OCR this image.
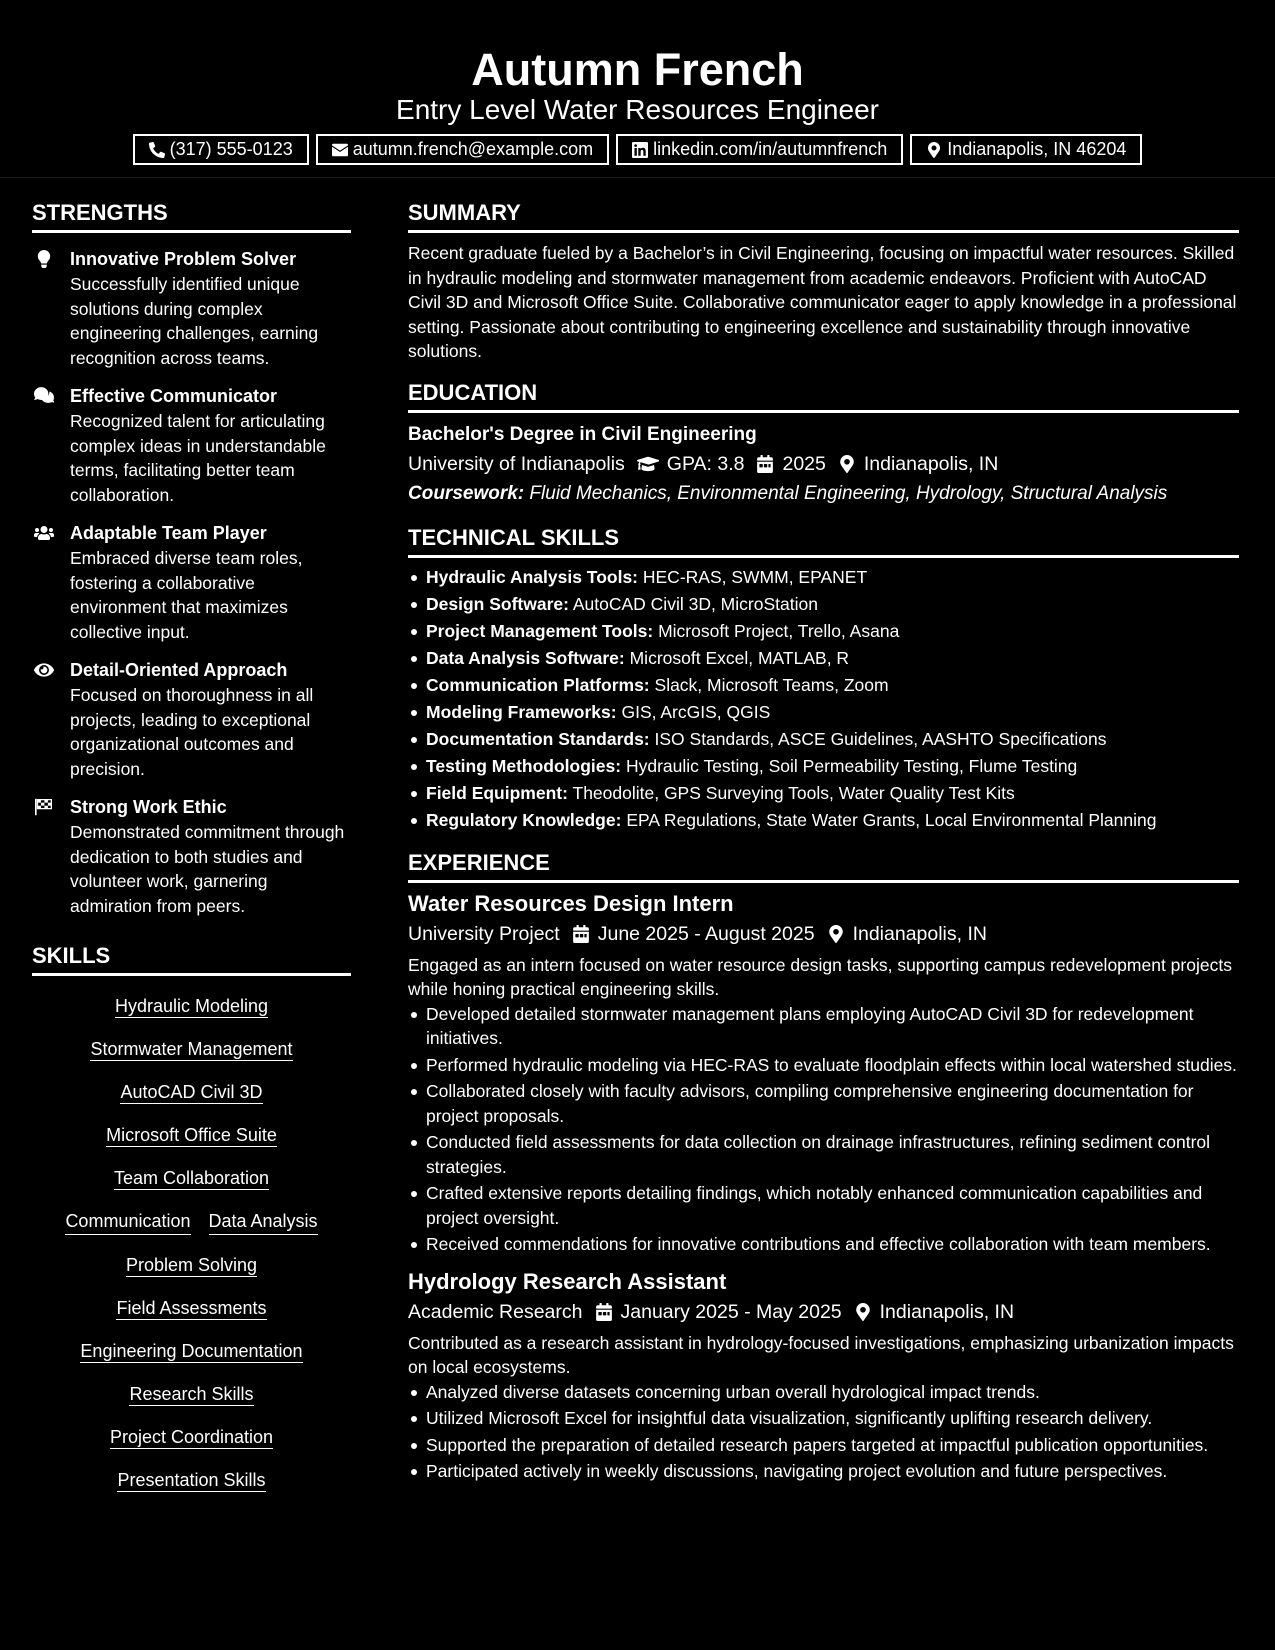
Autumn French
Entry Level Water Resources Engineer
(317) 555-0123	autumn.french@example.com	linkedin.com/in/autumnfrench	Indianapolis, IN 46204
STRENGTHS
Innovative Problem Solver
Successfully identified unique solutions during complex engineering challenges, earning recognition across teams.
Effective Communicator
Recognized talent for articulating complex ideas in understandable terms, facilitating better team collaboration.
Adaptable Team Player
Embraced diverse team roles, fostering a collaborative environment that maximizes collective input.
Detail-Oriented Approach
Focused on thoroughness in all projects, leading to exceptional organizational outcomes and precision.
Strong Work Ethic
Demonstrated commitment through dedication to both studies and volunteer work, garnering admiration from peers.
SKILLS
Hydraulic Modeling
Stormwater Management
AutoCAD Civil 3D
Microsoft Office Suite
Team Collaboration
Communication Data Analysis
Problem Solving
Field Assessments
Engineering Documentation
Research Skills
Project Coordination
Presentation Skills
SUMMARY
Recent graduate fueled by a Bachelor’s in Civil Engineering, focusing on impactful water resources. Skilled in hydraulic modeling and stormwater management from academic endeavors. Proficient with AutoCAD Civil 3D and Microsoft Office Suite. Collaborative communicator eager to apply knowledge in a professional setting. Passionate about contributing to engineering excellence and sustainability through innovative solutions.
EDUCATION
Bachelor's Degree in Civil Engineering
University of Indianapolis GPA: 3.8 2025 Indianapolis, IN
Coursework: Fluid Mechanics, Environmental Engineering, Hydrology, Structural Analysis
TECHNICAL SKILLS
Hydraulic Analysis Tools: HEC-RAS, SWMM, EPANET
Design Software: AutoCAD Civil 3D, MicroStation
Project Management Tools: Microsoft Project, Trello, Asana
Data Analysis Software: Microsoft Excel, MATLAB, R
Communication Platforms: Slack, Microsoft Teams, Zoom
Modeling Frameworks: GIS, ArcGIS, QGIS
Documentation Standards: ISO Standards, ASCE Guidelines, AASHTO Specifications
Testing Methodologies: Hydraulic Testing, Soil Permeability Testing, Flume Testing
Field Equipment: Theodolite, GPS Surveying Tools, Water Quality Test Kits
Regulatory Knowledge: EPA Regulations, State Water Grants, Local Environmental Planning
EXPERIENCE
Water Resources Design Intern
University Project June 2025 - August 2025 Indianapolis, IN
Engaged as an intern focused on water resource design tasks, supporting campus redevelopment projects while honing practical engineering skills.
Developed detailed stormwater management plans employing AutoCAD Civil 3D for redevelopment initiatives.
Performed hydraulic modeling via HEC-RAS to evaluate floodplain effects within local watershed studies.
Collaborated closely with faculty advisors, compiling comprehensive engineering documentation for project proposals.
Conducted field assessments for data collection on drainage infrastructures, refining sediment control strategies.
Crafted extensive reports detailing findings, which notably enhanced communication capabilities and project oversight.
Received commendations for innovative contributions and effective collaboration with team members.
Hydrology Research Assistant
Academic Research January 2025 - May 2025 Indianapolis, IN
Contributed as a research assistant in hydrology-focused investigations, emphasizing urbanization impacts on local ecosystems.
Analyzed diverse datasets concerning urban overall hydrological impact trends.
Utilized Microsoft Excel for insightful data visualization, significantly uplifting research delivery.
Supported the preparation of detailed research papers targeted at impactful publication opportunities.
Participated actively in weekly discussions, navigating project evolution and future perspectives.
